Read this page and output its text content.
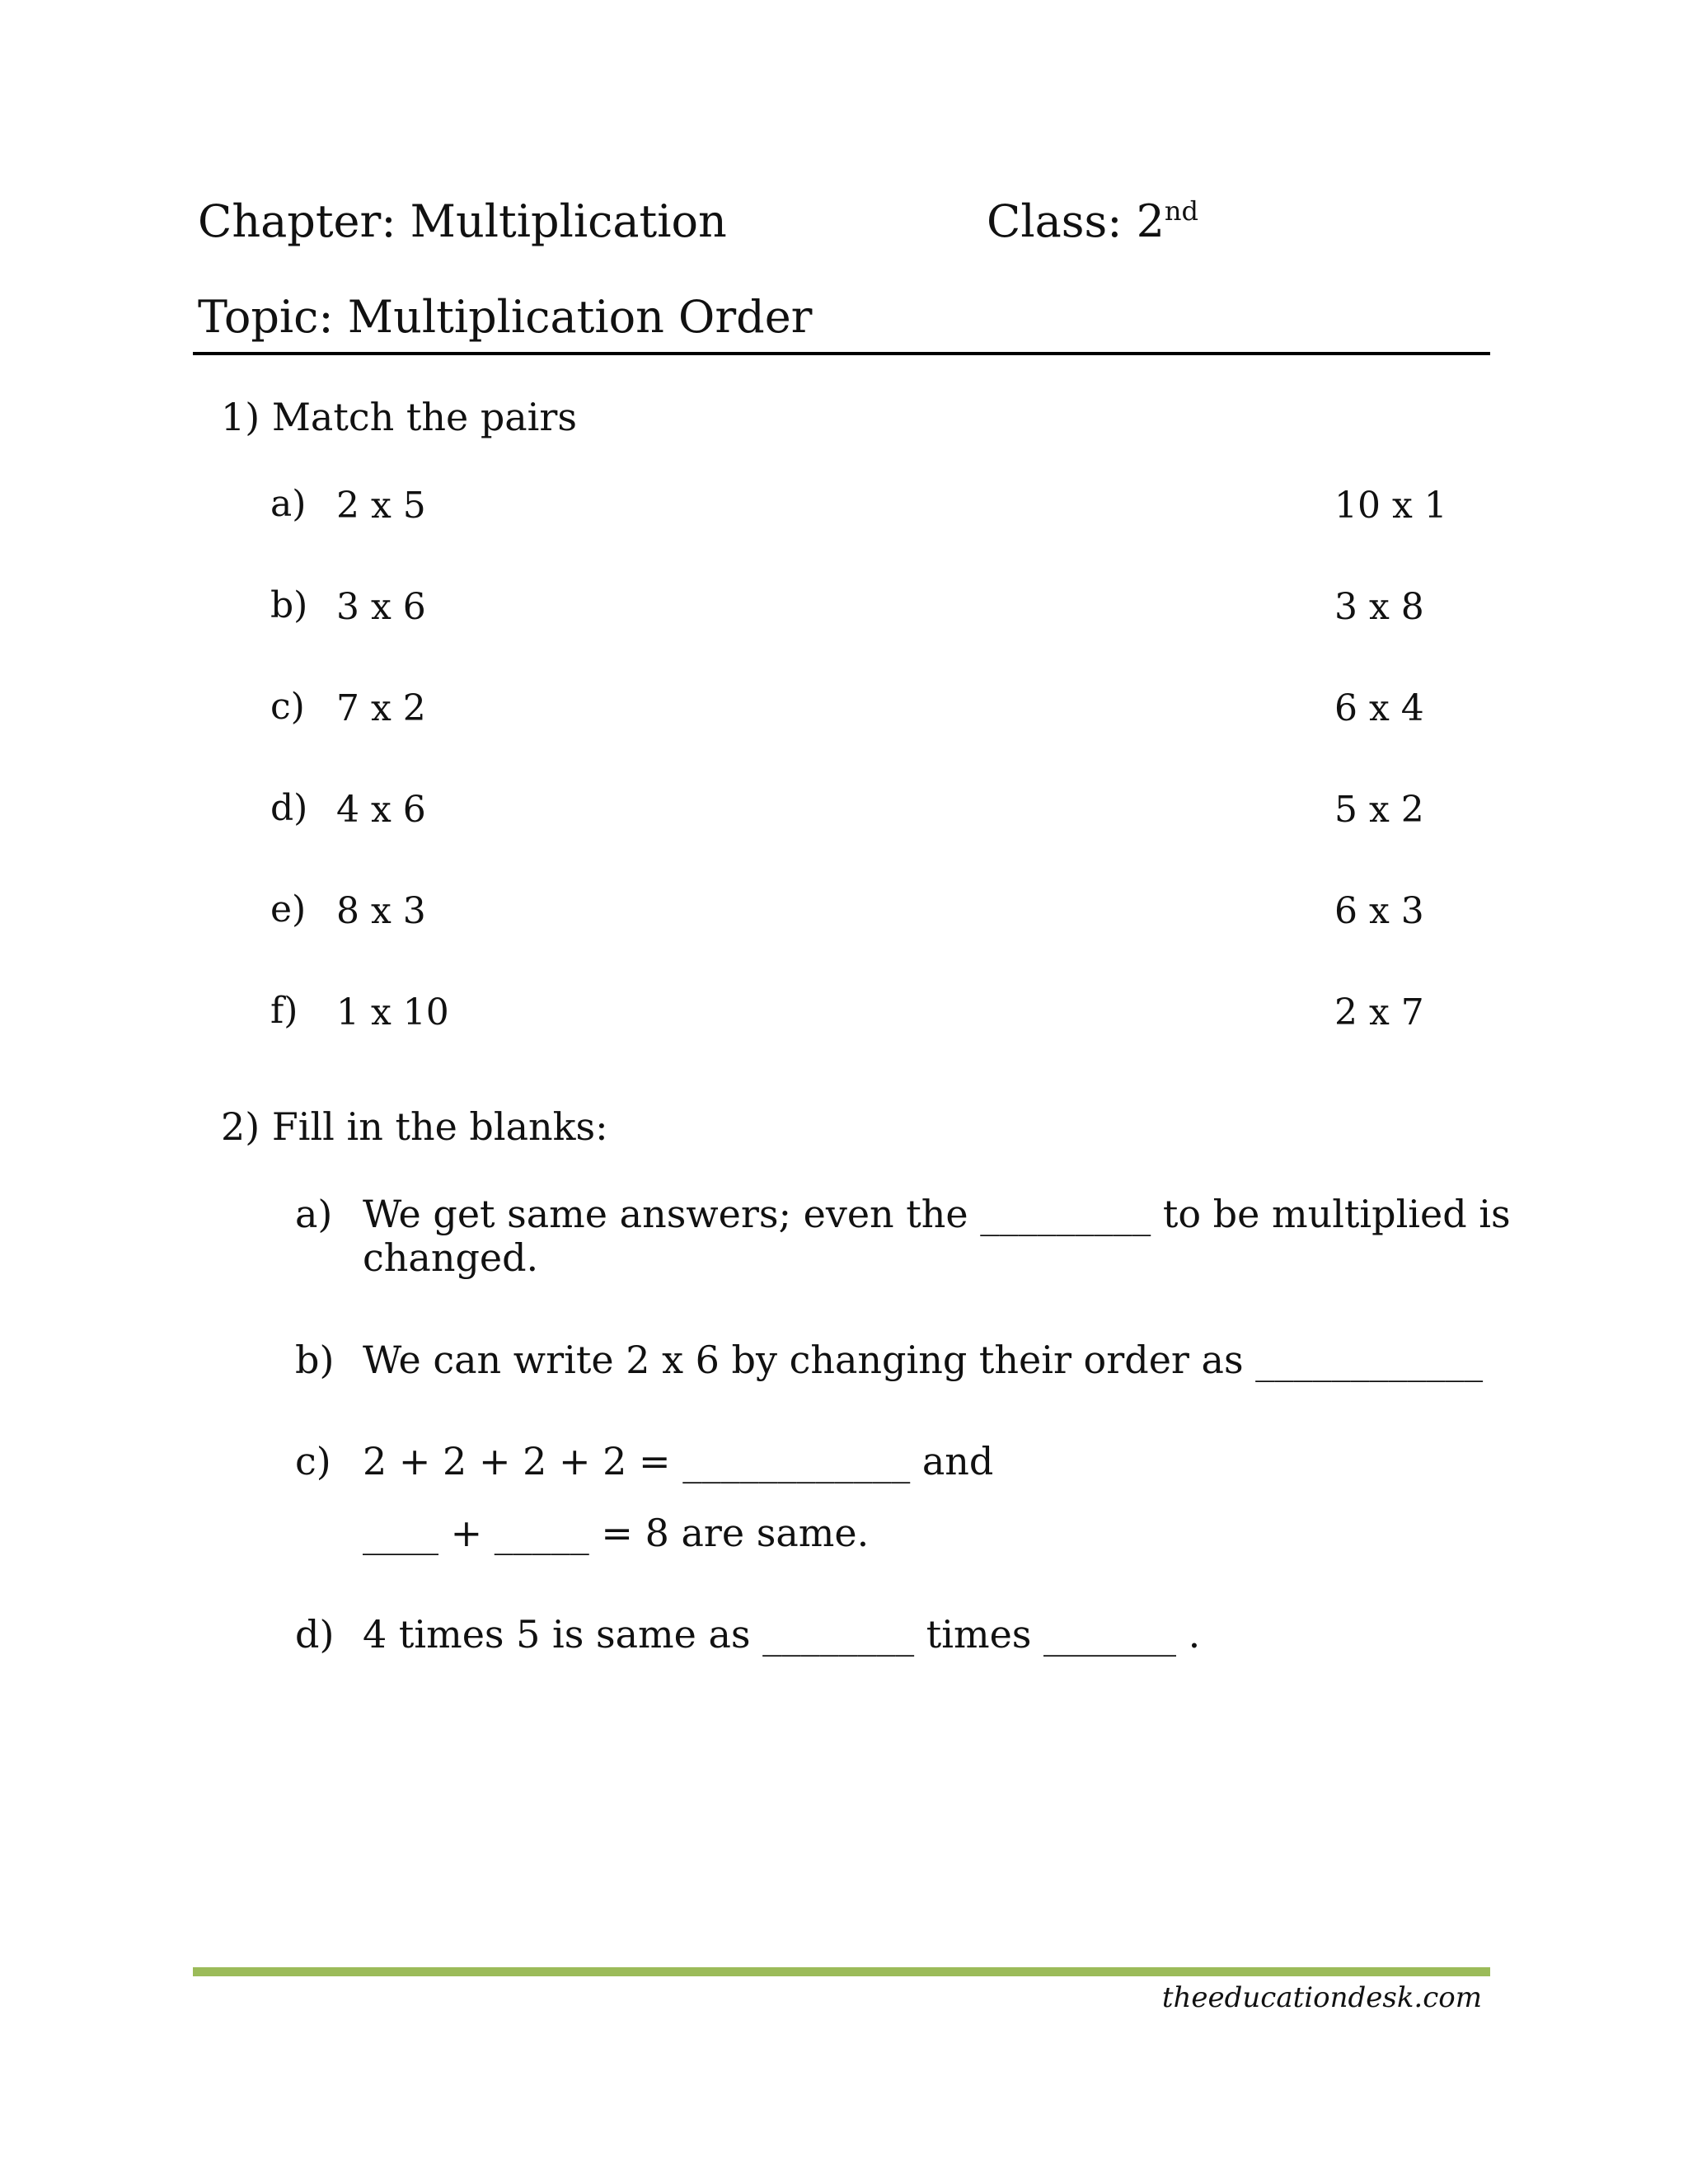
Chapter: Multiplication	Class: 2nd
Topic: Multiplication Order
1) Match the pairs
a) 2 x 5	10 x 1
b) 3 x 6	3 x 8
c) 7 x 2	6 x 4
d) 4 x 6	5 x 2
e) 8 x 3	6 x 3
f) 1 x 10	2 x 7
2) Fill in the blanks:
a) We get same answers; even the _________ to be multiplied is
changed.
b) We can write 2 x 6 by changing their order as ____________
c) 2 + 2 + 2 + 2 = ____________ and
____ + _____ = 8 are same.
d) 4 times 5 is same as ________ times _______ .
theeducationdesk.com
